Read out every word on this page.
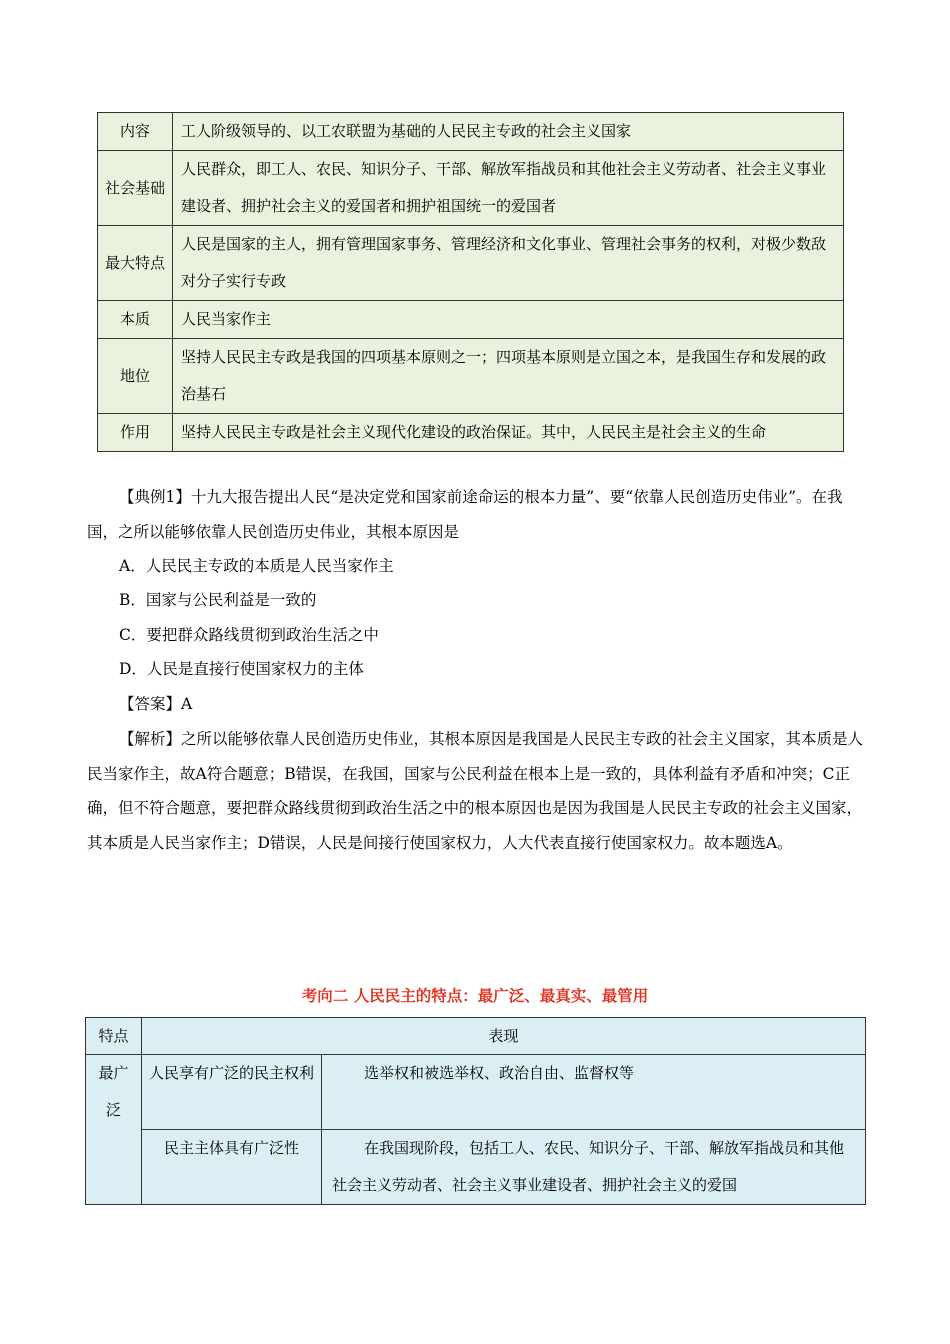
内容	工人阶级领导的、以工农联盟为基础的人民民主专政的社会主义国家
社会基础	人民群众，即工人、农民、知识分子、干部、解放军指战员和其他社会主义劳动者、社会主义事业建设者、拥护社会主义的爱国者和拥护祖国统一的爱国者
最大特点	人民是国家的主人，拥有管理国家事务、管理经济和文化事业、管理社会事务的权利，对极少数敌对分子实行专政
本质	人民当家作主
地位	坚持人民民主专政是我国的四项基本原则之一；四项基本原则是立国之本，是我国生存和发展的政治基石
作用	坚持人民民主专政是社会主义现代化建设的政治保证。其中，人民民主是社会主义的生命

【典例1】十九大报告提出人民“是决定党和国家前途命运的根本力量”、要“依靠人民创造历史伟业”。在我国，之所以能够依靠人民创造历史伟业，其根本原因是

A．人民民主专政的本质是人民当家作主

B．国家与公民利益是一致的

C．要把群众路线贯彻到政治生活之中

D．人民是直接行使国家权力的主体

【答案】A

【解析】之所以能够依靠人民创造历史伟业，其根本原因是我国是人民民主专政的社会主义国家，其本质是人民当家作主，故A符合题意；B错误，在我国，国家与公民利益在根本上是一致的，具体利益有矛盾和冲突；C正确，但不符合题意，要把群众路线贯彻到政治生活之中的根本原因也是因为我国是人民民主专政的社会主义国家，其本质是人民当家作主；D错误，人民是间接行使国家权力，人大代表直接行使国家权力。故本题选A。

考向二 人民民主的特点：最广泛、最真实、最管用
特点	表现	
最广泛	人民享有广泛的民主权利	选举权和被选举权、政治自由、监督权等
	民主主体具有广泛性	在我国现阶段，包括工人、农民、知识分子、干部、解放军指战员和其他社会主义劳动者、社会主义事业建设者、拥护社会主义的爱国
